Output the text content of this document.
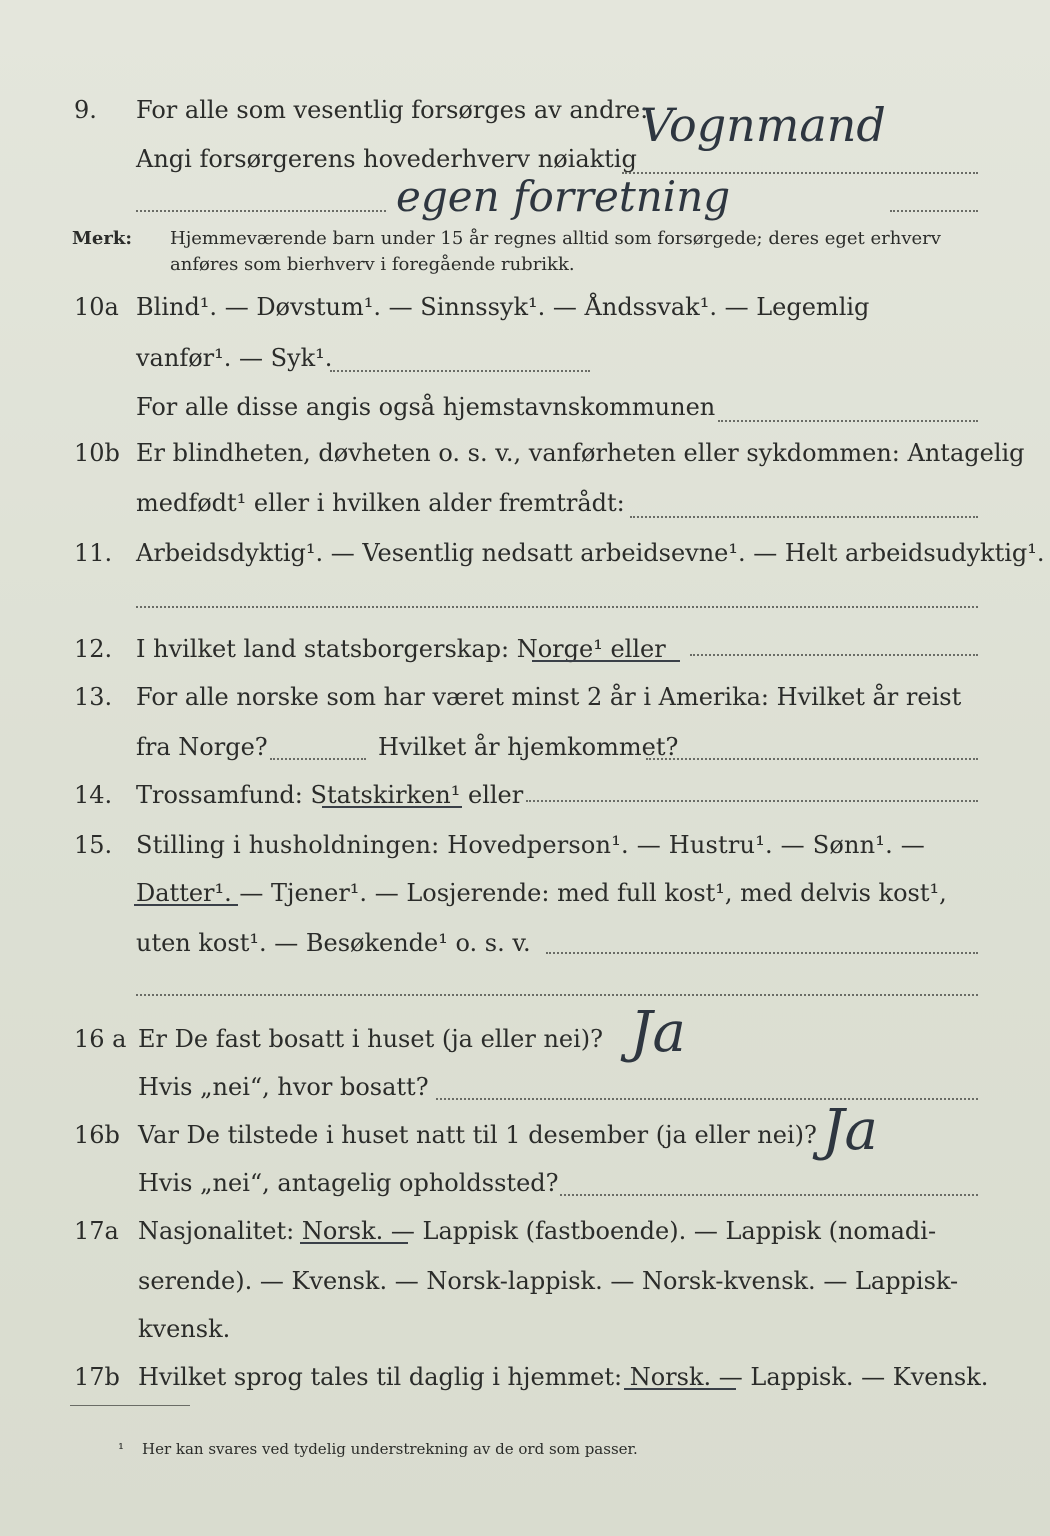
9. For alle som vesentlig forsørges av andre:
Vognmand
Angi forsørgerens hovederhverv nøiaktig
egen forretning
Merk: Hjemmeværende barn under 15 år regnes alltid som forsørgede; deres eget erhverv
anføres som bierhverv i foregående rubrikk.
10a Blind¹. — Døvstum¹. — Sinnssyk¹. — Åndssvak¹. — Legemlig
vanfør¹. — Syk¹.
For alle disse angis også hjemstavnskommunen
10b Er blindheten, døvheten o. s. v., vanførheten eller sykdommen: Antagelig
medfødt¹ eller i hvilken alder fremtrådt:
11. Arbeidsdyktig¹. — Vesentlig nedsatt arbeidsevne¹. — Helt arbeidsudyktig¹.
12. I hvilket land statsborgerskap: Norge¹ eller
13. For alle norske som har været minst 2 år i Amerika: Hvilket år reist
fra Norge?	Hvilket år hjemkommet?
14. Trossamfund: Statskirken¹ eller
15. Stilling i husholdningen: Hovedperson¹. — Hustru¹. — Sønn¹. —
Datter¹. — Tjener¹. — Losjerende: med full kost¹, med delvis kost¹,
uten kost¹. — Besøkende¹ o. s. v.
16 a Er De fast bosatt i huset (ja eller nei)? Ja
Hvis „nei“, hvor bosatt?
16b Var De tilstede i huset natt til 1 desember (ja eller nei)? Ja
Hvis „nei“, antagelig opholdssted?
17a Nasjonalitet: Norsk. — Lappisk (fastboende). — Lappisk (nomadi-
serende). — Kvensk. — Norsk-lappisk. — Norsk-kvensk. — Lappisk-
kvensk.
17b Hvilket sprog tales til daglig i hjemmet: Norsk. — Lappisk. — Kvensk.
¹ Her kan svares ved tydelig understrekning av de ord som passer.
